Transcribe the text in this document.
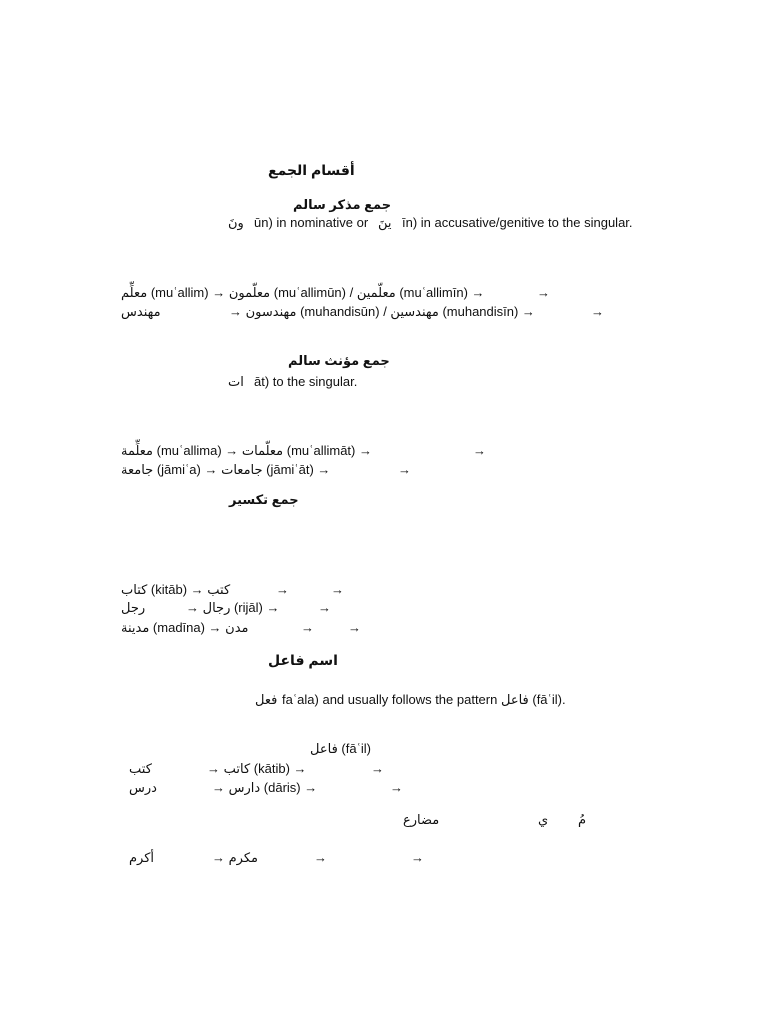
أقسام الجمع
جمع مذكر سالم
ونَ ūn) in nominative or ينَ īn) in accusative/genitive to the singular.
معلِّم (muʿallim) → معلّمون (muʿallimūn) / معلّمين (muʿallimīn) →	→
مهندس	→ مهندسون (muhandisūn) / مهندسين (muhandisīn) →	→
جمع مؤنث سالم
ات āt) to the singular.
معلِّمة (muʿallima) → معلّمات (muʿallimāt) →	→
جامعة (jāmiʿa) → جامعات (jāmiʿāt) →	→
جمع تكسير
كتاب (kitāb) → كتب	→	→
رجل	→ رجال (rijāl) →	→
مدينة (madīna) → مدن	→	→
اسم فاعل
فعل faʿala) and usually follows the pattern فاعل (fāʿil).
فاعل (fāʿil)
كتب	→ كاتب (kātib) →	→
درس	→ دارس (dāris) →	→
مضارع	ي مُ
أكرم	→ مكرم	→	→
